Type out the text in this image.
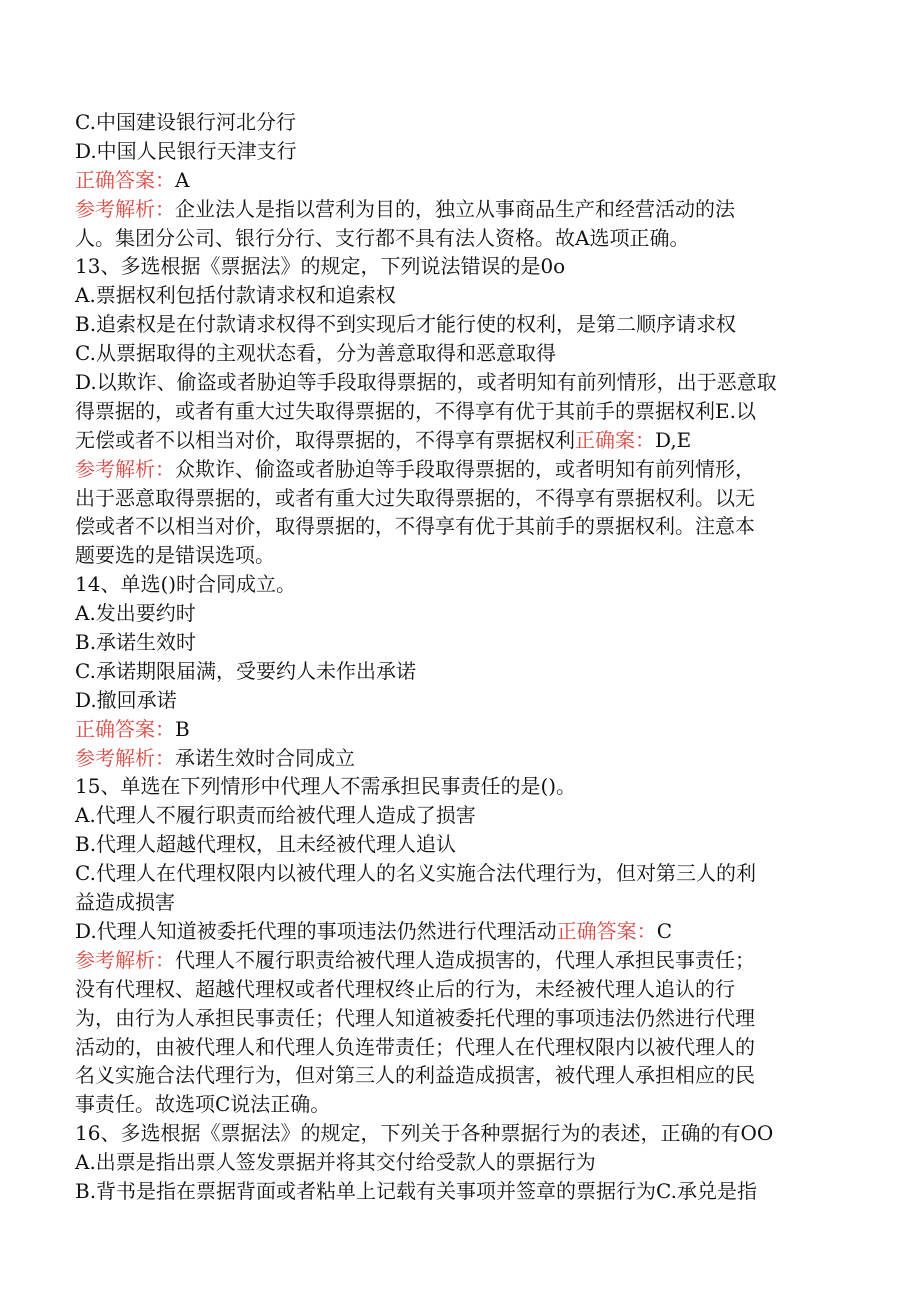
C.中国建设银行河北分行
D.中国人民银行天津支行
正确答案：A
参考解析：企业法人是指以营利为目的，独立从事商品生产和经营活动的法
人。集团分公司、银行分行、支行都不具有法人资格。故A选项正确。
13、多选根据《票据法》的规定，下列说法错误的是0o
A.票据权利包括付款请求权和追索权
B.追索权是在付款请求权得不到实现后才能行使的权利，是第二顺序请求权
C.从票据取得的主观状态看，分为善意取得和恶意取得
D.以欺诈、偷盗或者胁迫等手段取得票据的，或者明知有前列情形，出于恶意取
得票据的，或者有重大过失取得票据的，不得享有优于其前手的票据权利E.以
无偿或者不以相当对价，取得票据的，不得享有票据权利正确案：D,E
参考解析：众欺诈、偷盗或者胁迫等手段取得票据的，或者明知有前列情形，
出于恶意取得票据的，或者有重大过失取得票据的，不得享有票据权利。以无
偿或者不以相当对价，取得票据的，不得享有优于其前手的票据权利。注意本
题要选的是错误选项。
14、单选()时合同成立。
A.发出要约时
B.承诺生效时
C.承诺期限届满，受要约人未作出承诺
D.撤回承诺
正确答案：B
参考解析：承诺生效时合同成立
15、单选在下列情形中代理人不需承担民事责任的是()。
A.代理人不履行职责而给被代理人造成了损害
B.代理人超越代理权，且未经被代理人追认
C.代理人在代理权限内以被代理人的名义实施合法代理行为，但对第三人的利
益造成损害
D.代理人知道被委托代理的事项违法仍然进行代理活动正确答案：C
参考解析：代理人不履行职责给被代理人造成损害的，代理人承担民事责任；
没有代理权、超越代理权或者代理权终止后的行为，未经被代理人追认的行
为，由行为人承担民事责任；代理人知道被委托代理的事项违法仍然进行代理
活动的，由被代理人和代理人负连带责任；代理人在代理权限内以被代理人的
名义实施合法代理行为，但对第三人的利益造成损害，被代理人承担相应的民
事责任。故选项C说法正确。
16、多选根据《票据法》的规定，下列关于各种票据行为的表述，正确的有OO
A.出票是指出票人签发票据并将其交付给受款人的票据行为
B.背书是指在票据背面或者粘单上记载有关事项并签章的票据行为C.承兑是指
